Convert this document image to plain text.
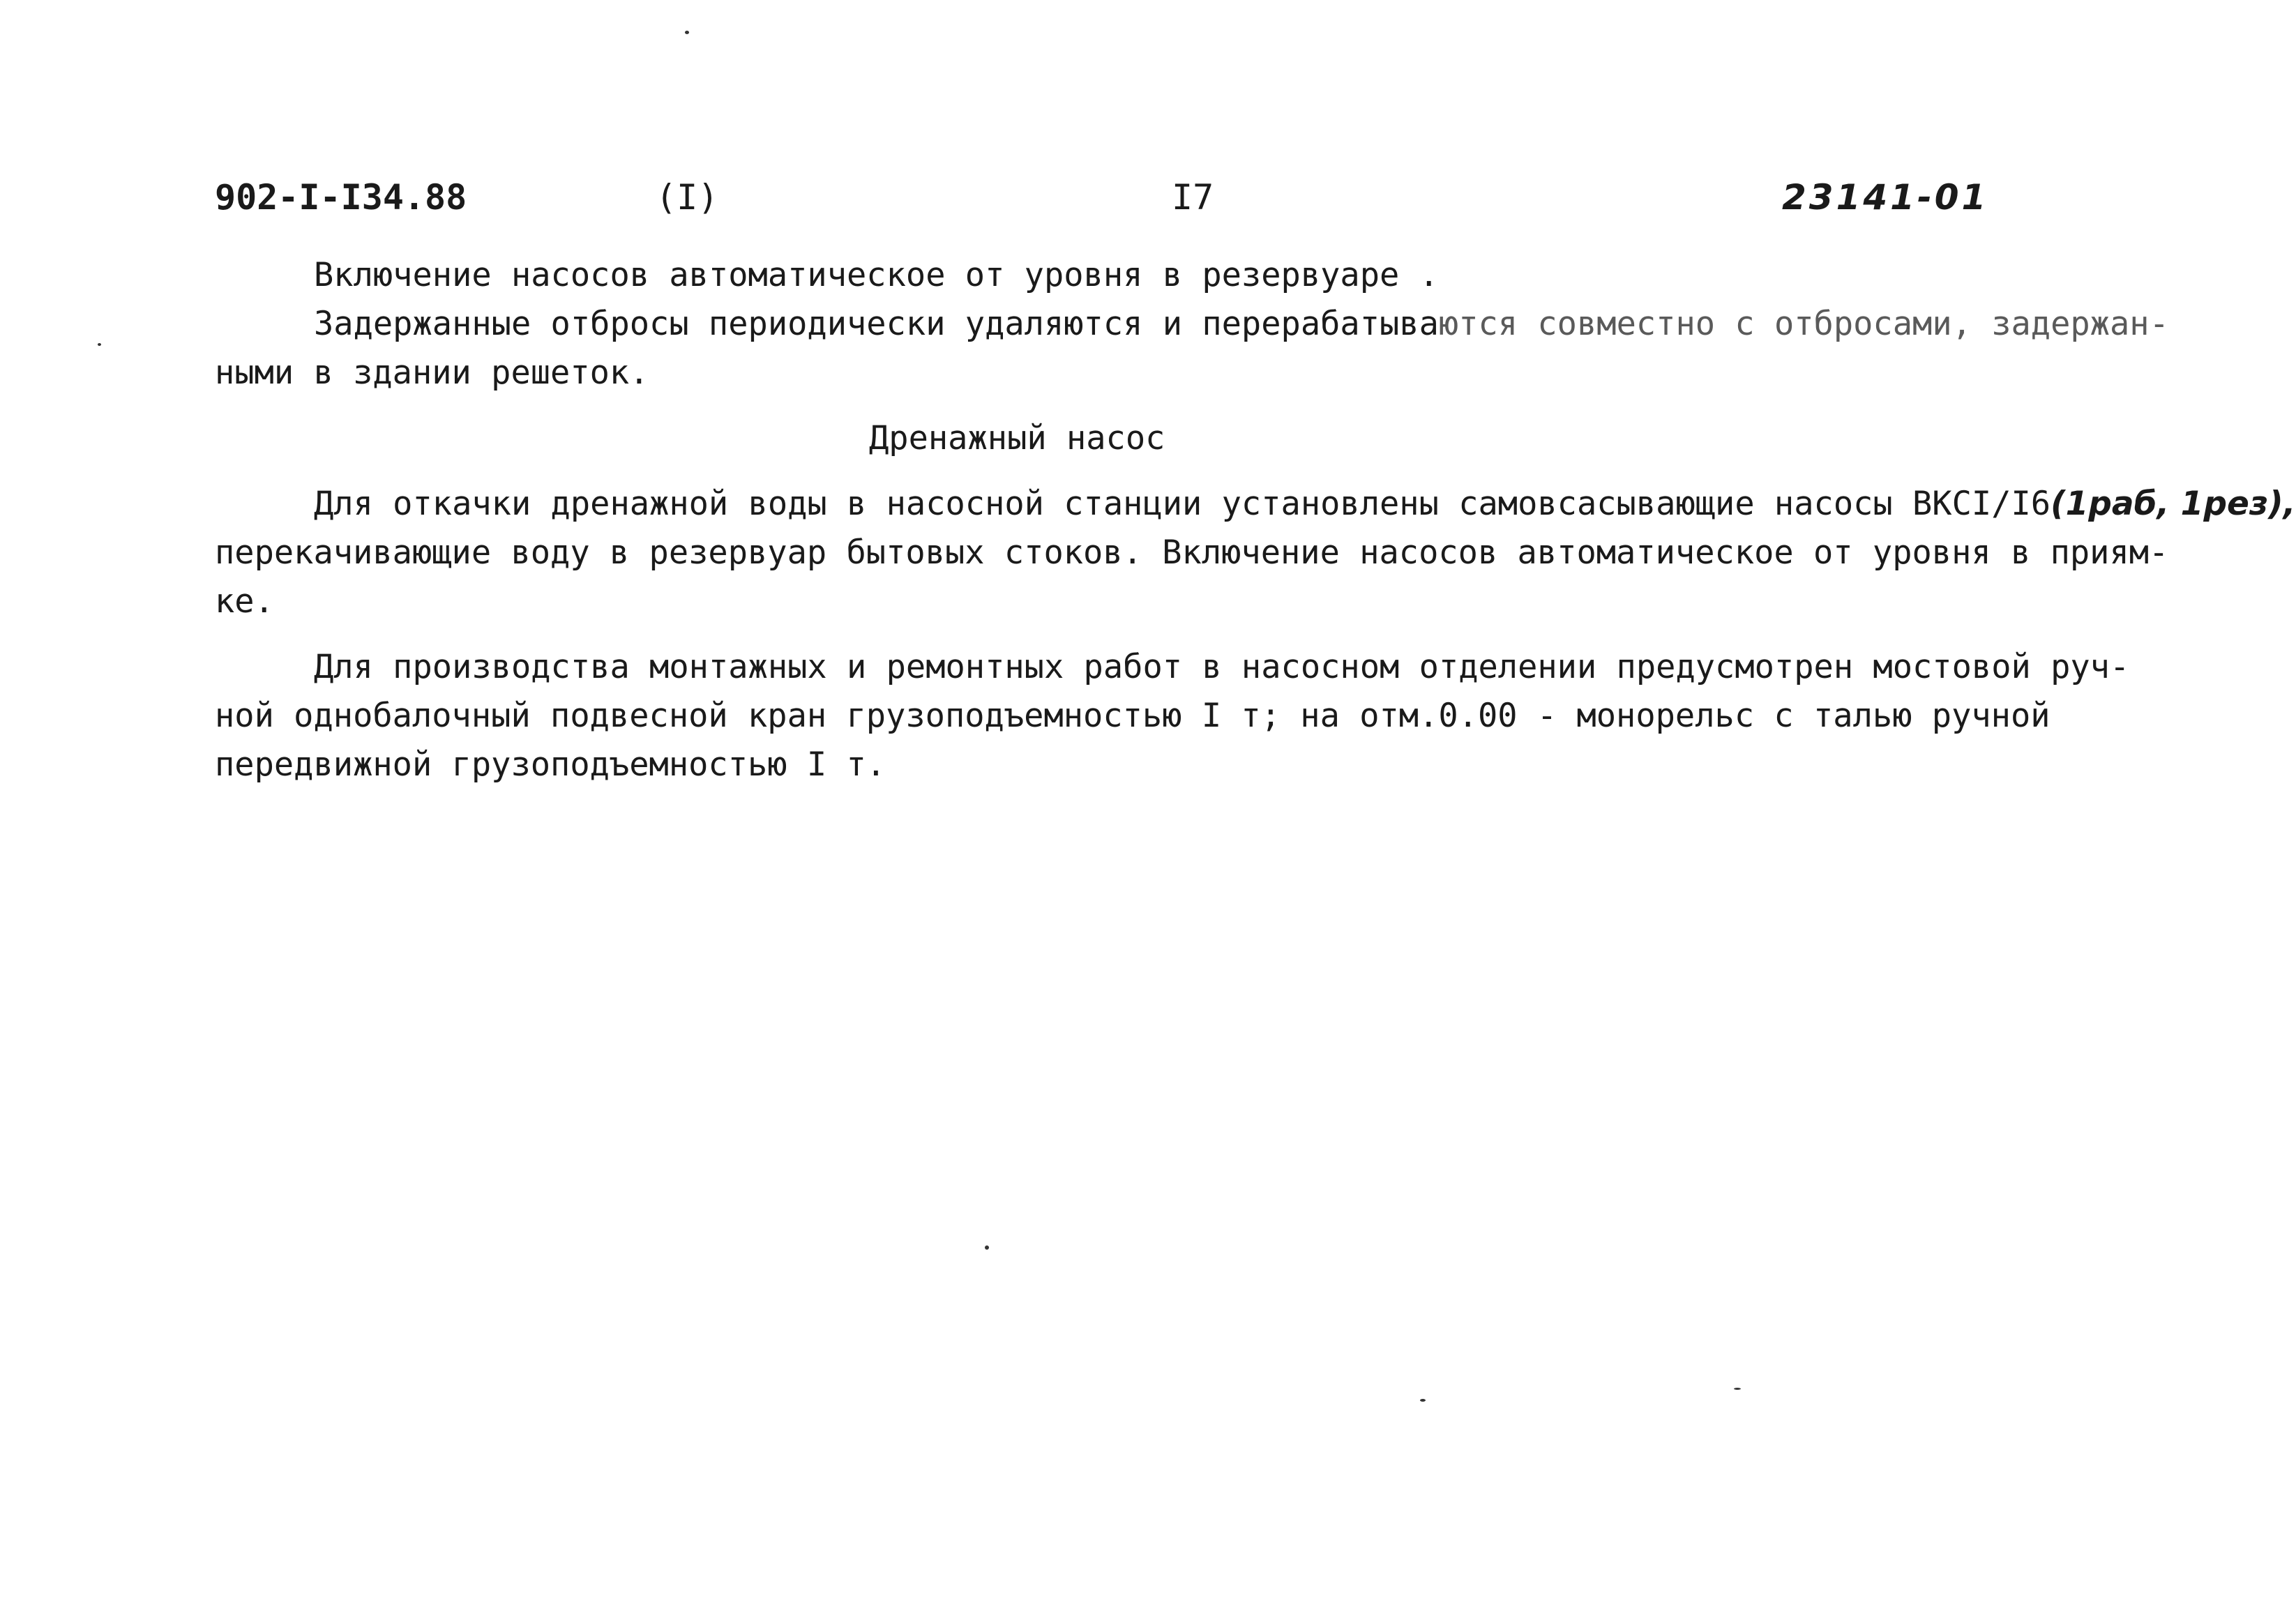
902-I-I34.88	(I)	I7	23141-01

Включение насосов автоматическое от уровня в резервуаре .

Задержанные отбросы периодически удаляются и перерабатываются совместно с отбросами, задержан-

ными в здании решеток.

Дренажный насос

Для откачки дренажной воды в насосной станции установлены самовсасывающие насосы ВКСI/I6(1раб, 1рез),

перекачивающие воду в резервуар бытовых стоков. Включение насосов автоматическое от уровня в приям-

ке.

Для производства монтажных и ремонтных работ в насосном отделении предусмотрен мостовой руч-

ной однобалочный подвесной кран грузоподъемностью I т; на отм.0.00 - монорельс с талью ручной

передвижной грузоподъемностью I т.
